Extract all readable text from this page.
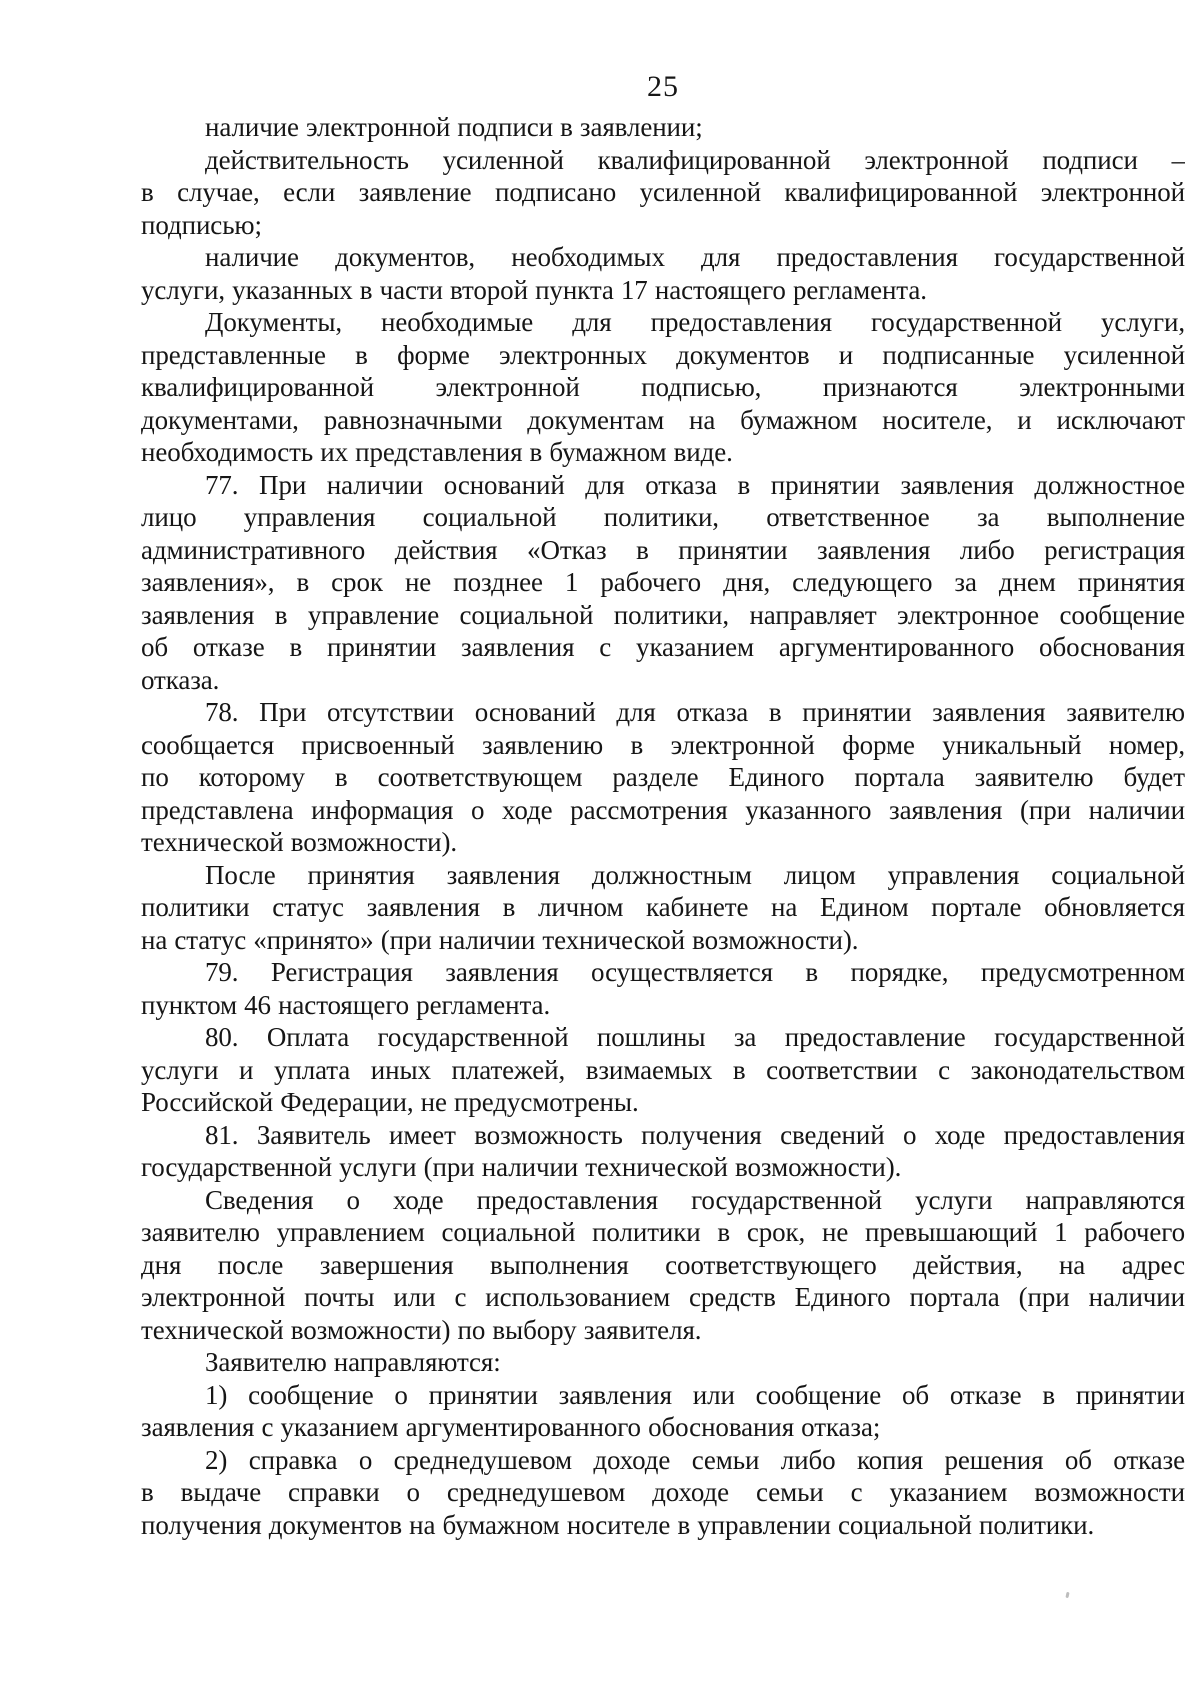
25

наличие электронной подписи в заявлении;

действительность усиленной квалифицированной электронной подписи –
в случае, если заявление подписано усиленной квалифицированной электронной
подписью;

наличие документов, необходимых для предоставления государственной
услуги, указанных в части второй пункта 17 настоящего регламента.

Документы, необходимые для предоставления государственной услуги,
представленные в форме электронных документов и подписанные усиленной
квалифицированной электронной подписью, признаются электронными
документами, равнозначными документам на бумажном носителе, и исключают
необходимость их представления в бумажном виде.

77. При наличии оснований для отказа в принятии заявления должностное
лицо управления социальной политики, ответственное за выполнение
административного действия «Отказ в принятии заявления либо регистрация
заявления», в срок не позднее 1 рабочего дня, следующего за днем принятия
заявления в управление социальной политики, направляет электронное сообщение
об отказе в принятии заявления с указанием аргументированного обоснования
отказа.

78. При отсутствии оснований для отказа в принятии заявления заявителю
сообщается присвоенный заявлению в электронной форме уникальный номер,
по которому в соответствующем разделе Единого портала заявителю будет
представлена информация о ходе рассмотрения указанного заявления (при наличии
технической возможности).

После принятия заявления должностным лицом управления социальной
политики статус заявления в личном кабинете на Едином портале обновляется
на статус «принято» (при наличии технической возможности).

79. Регистрация заявления осуществляется в порядке, предусмотренном
пунктом 46 настоящего регламента.

80. Оплата государственной пошлины за предоставление государственной
услуги и уплата иных платежей, взимаемых в соответствии с законодательством
Российской Федерации, не предусмотрены.

81. Заявитель имеет возможность получения сведений о ходе предоставления
государственной услуги (при наличии технической возможности).

Сведения о ходе предоставления государственной услуги направляются
заявителю управлением социальной политики в срок, не превышающий 1 рабочего
дня после завершения выполнения соответствующего действия, на адрес
электронной почты или с использованием средств Единого портала (при наличии
технической возможности) по выбору заявителя.

Заявителю направляются:

1) сообщение о принятии заявления или сообщение об отказе в принятии
заявления с указанием аргументированного обоснования отказа;

2) справка о среднедушевом доходе семьи либо копия решения об отказе
в выдаче справки о среднедушевом доходе семьи с указанием возможности
получения документов на бумажном носителе в управлении социальной политики.
